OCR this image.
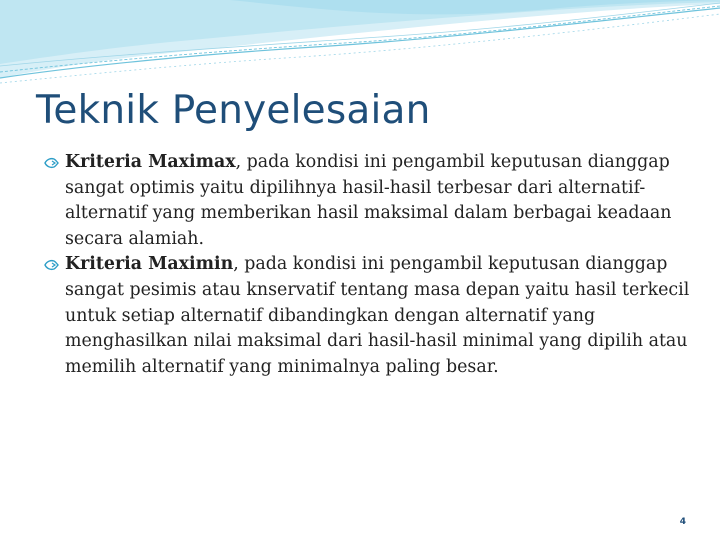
Teknik Penyelesaian

Kriteria Maximax, pada kondisi ini pengambil keputusan dianggap sangat optimis yaitu dipilihnya hasil-hasil terbesar dari alternatif-alternatif yang memberikan hasil maksimal dalam berbagai keadaan secara alamiah.

Kriteria Maximin, pada kondisi ini pengambil keputusan dianggap sangat pesimis atau knservatif tentang masa depan yaitu hasil terkecil untuk setiap alternatif dibandingkan dengan alternatif yang menghasilkan nilai maksimal dari hasil-hasil minimal yang dipilih atau memilih alternatif yang minimalnya paling besar.

4
